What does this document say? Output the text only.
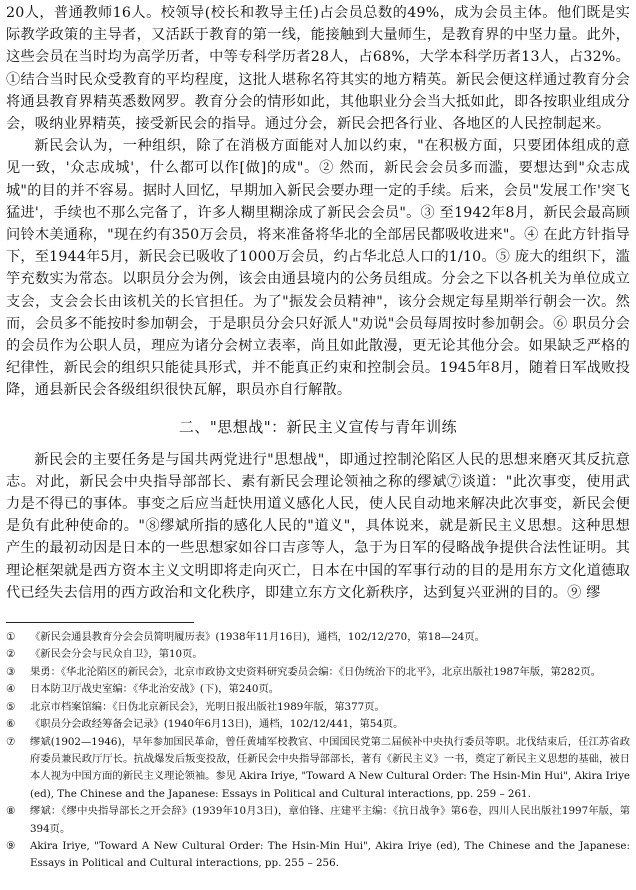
20人，普通教师16人。校领导(校长和教导主任)占会员总数的49%，成为会员主体。他们既是实际教学政策的主导者，又活跃于教育的第一线，能接触到大量师生，是教育界的中坚力量。此外，这些会员在当时均为高学历者，中等专科学历者28人，占68%，大学本科学历者13人，占32%。①结合当时民众受教育的平均程度，这批人堪称名符其实的地方精英。新民会便这样通过教育分会将通县教育界精英悉数网罗。教育分会的情形如此，其他职业分会当大抵如此，即各按职业组成分会，吸纳业界精英，接受新民会的指导。通过分会，新民会把各行业、各地区的人民控制起来。

新民会认为，一种组织，除了在消极方面能对人加以约束，"在积极方面，只要团体组成的意见一致，'众志成城'，什么都可以作[做]的成"。② 然而，新民会会员多而滥，要想达到"众志成城"的目的并不容易。据时人回忆，早期加入新民会要办理一定的手续。后来，会员"发展工作'突飞猛进'，手续也不那么完备了，许多人糊里糊涂成了新民会会员"。③ 至1942年8月，新民会最高顾问铃木美通称，"现在约有350万会员，将来准备将华北的全部居民都吸收进来"。④ 在此方针指导下，至1944年5月，新民会已吸收了1000万会员，约占华北总人口的1/10。⑤ 庞大的组织下，滥竽充数实为常态。以职员分会为例，该会由通县境内的公务员组成。分会之下以各机关为单位成立支会，支会会长由该机关的长官担任。为了"振发会员精神"，该分会规定每星期举行朝会一次。然而，会员多不能按时参加朝会，于是职员分会只好派人"劝说"会员每周按时参加朝会。⑥ 职员分会的会员作为公职人员，理应为诸分会树立表率，尚且如此散漫，更无论其他分会。如果缺乏严格的纪律性，新民会的组织只能徒具形式，并不能真正约束和控制会员。1945年8月，随着日军战败投降，通县新民会各级组织很快瓦解，职员亦自行解散。

二、"思想战"：新民主义宣传与青年训练

新民会的主要任务是与国共两党进行"思想战"，即通过控制沦陷区人民的思想来磨灭其反抗意志。对此，新民会中央指导部部长、素有新民会理论领袖之称的缪斌⑦谈道："此次事变，使用武力是不得已的事体。事变之后应当赶快用道义感化人民，使人民自动地来解决此次事变，新民会便是负有此种使命的。"⑧缪斌所指的感化人民的"道义"，具体说来，就是新民主义思想。这种思想产生的最初动因是日本的一些思想家如谷口吉彦等人，急于为日军的侵略战争提供合法性证明。其理论框架就是西方资本主义文明即将走向灭亡，日本在中国的军事行动的目的是用东方文化道德取代已经失去信用的西方政治和文化秩序，即建立东方文化新秩序，达到复兴亚洲的目的。⑨ 缪

①	《新民会通县教育分会会员简明履历表》(1938年11月16日)，通档，102/12/270，第18—24页。
②	《新民会分会与民众自卫》，第10页。
③	果勇：《华北沦陷区的新民会》，北京市政协文史资料研究委员会编：《日伪统治下的北平》，北京出版社1987年版，第282页。
④	日本防卫厅战史室编：《华北治安战》(下)，第240页。
⑤	北京市档案馆编：《日伪北京新民会》，光明日报出版社1989年版，第377页。
⑥	《职员分会政经筹备会记录》(1940年6月13日)，通档，102/12/441，第54页。
⑦	缪斌(1902—1946)，早年参加国民革命，曾任黄埔军校教官、中国国民党第二届候补中央执行委员等职。北伐结束后，任江苏省政府委员兼民政厅厅长。抗战爆发后叛变投敌，任新民会中央指导部部长，著有《新民主义》一书，奠定了新民主义思想的基础，被日本人视为中国方面的新民主义理论领袖。参见 Akira Iriye, "Toward A New Cultural Order: The Hsin-Min Hui", Akira Iriye (ed), The Chinese and the Japanese: Essays in Political and Cultural interactions, pp. 259 – 261.
⑧	缪斌：《缪中央指导部长之开会辞》(1939年10月3日)，章伯锋、庄建平主编：《抗日战争》第6卷，四川人民出版社1997年版，第394页。
⑨	Akira Iriye, "Toward A New Cultural Order: The Hsin-Min Hui", Akira Iriye (ed), The Chinese and the Japanese: Essays in Political and Cultural interactions, pp. 255 – 256.
